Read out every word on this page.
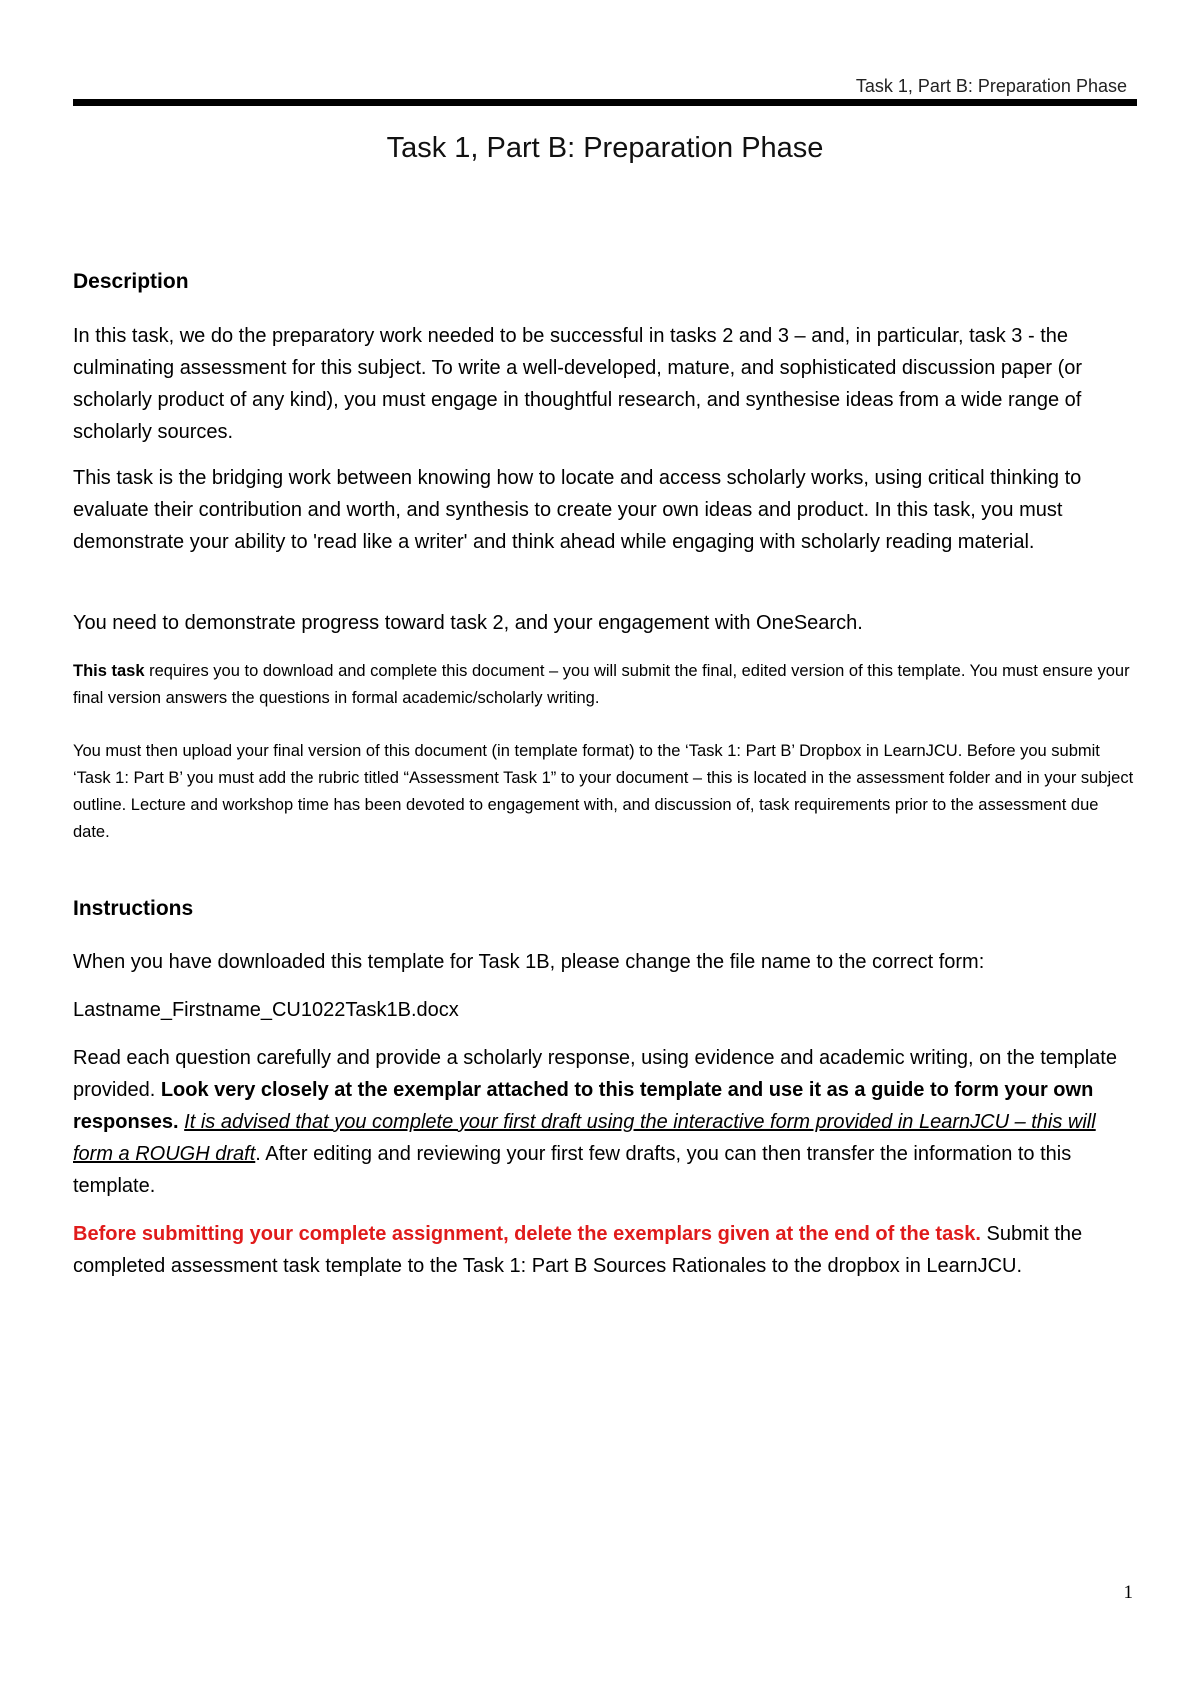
Task 1, Part B: Preparation Phase
Task 1, Part B: Preparation Phase

Description

In this task, we do the preparatory work needed to be successful in tasks 2 and 3 – and, in particular, task 3 - the culminating assessment for this subject. To write a well-developed, mature, and sophisticated discussion paper (or scholarly product of any kind), you must engage in thoughtful research, and synthesise ideas from a wide range of scholarly sources.

This task is the bridging work between knowing how to locate and access scholarly works, using critical thinking to evaluate their contribution and worth, and synthesis to create your own ideas and product. In this task, you must demonstrate your ability to 'read like a writer' and think ahead while engaging with scholarly reading material.

You need to demonstrate progress toward task 2, and your engagement with OneSearch.

This task requires you to download and complete this document – you will submit the final, edited version of this template. You must ensure your final version answers the questions in formal academic/scholarly writing.

You must then upload your final version of this document (in template format) to the ‘Task 1: Part B’ Dropbox in LearnJCU. Before you submit ‘Task 1: Part B’ you must add the rubric titled “Assessment Task 1” to your document – this is located in the assessment folder and in your subject outline. Lecture and workshop time has been devoted to engagement with, and discussion of, task requirements prior to the assessment due date.

Instructions

When you have downloaded this template for Task 1B, please change the file name to the correct form:

Lastname_Firstname_CU1022Task1B.docx

Read each question carefully and provide a scholarly response, using evidence and academic writing, on the template provided. Look very closely at the exemplar attached to this template and use it as a guide to form your own responses. It is advised that you complete your first draft using the interactive form provided in LearnJCU – this will form a ROUGH draft. After editing and reviewing your first few drafts, you can then transfer the information to this template.

Before submitting your complete assignment, delete the exemplars given at the end of the task. Submit the completed assessment task template to the Task 1: Part B Sources Rationales to the dropbox in LearnJCU.

1
